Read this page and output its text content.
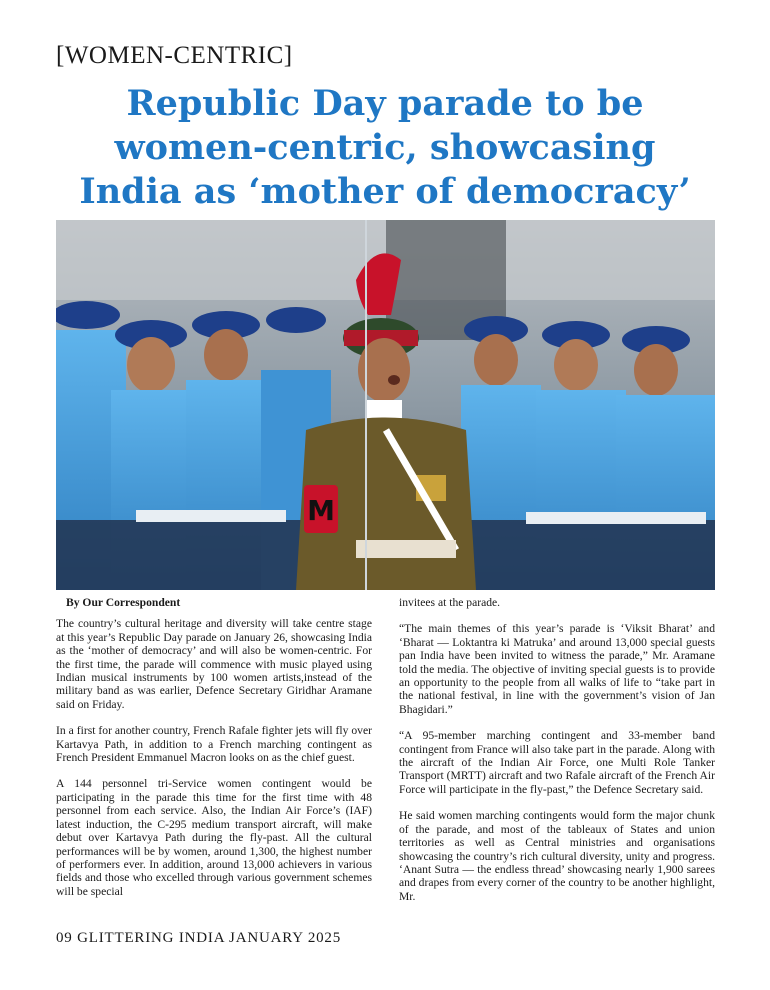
[WOMEN-CENTRIC]
Republic Day parade to be
women-centric, showcasing
India as ‘mother of democracy’
M

By Our Correspondent

The country’s cultural heritage and diversity will take centre stage at this year’s Republic Day parade on January 26, showcasing India as the ‘mother of democracy’ and will also be women-centric. For the first time, the parade will commence with music played using Indian musical instruments by 100 women artists,instead of the military band as was earlier, Defence Secretary Giridhar Aramane said on Friday.

In a first for another country, French Rafale fighter jets will fly over Kartavya Path, in addition to a French marching contingent as French President Emmanuel Macron looks on as the chief guest.

A 144 personnel tri-Service women contingent would be participating in the parade this time for the first time with 48 personnel from each service. Also, the Indian Air Force’s (IAF) latest induction, the C-295 medium transport aircraft, will make debut over Kartavya Path during the fly-past. All the cultural performances will be by women, around 1,300, the highest number of performers ever. In addition, around 13,000 achievers in various fields and those who excelled through various government schemes will be special

invitees at the parade.

“The main themes of this year’s parade is ‘Viksit Bharat’ and ‘Bharat — Loktantra ki Matruka’ and around 13,000 special guests pan India have been invited to witness the parade,” Mr. Aramane told the media. The objective of inviting special guests is to provide an opportunity to the people from all walks of life to “take part in the national festival, in line with the government’s vision of Jan Bhagidari.”

“A 95-member marching contingent and 33-member band contingent from France will also take part in the parade. Along with the aircraft of the Indian Air Force, one Multi Role Tanker Transport (MRTT) aircraft and two Rafale aircraft of the French Air Force will participate in the fly-past,” the Defence Secretary said.

He said women marching contingents would form the major chunk of the parade, and most of the tableaux of States and union territories as well as Central ministries and organisations showcasing the country’s rich cultural diversity, unity and progress. ‘Anant Sutra — the endless thread’ showcasing nearly 1,900 sarees and drapes from every corner of the country to be another highlight, Mr.

09 GLITTERING INDIA JANUARY 2025
